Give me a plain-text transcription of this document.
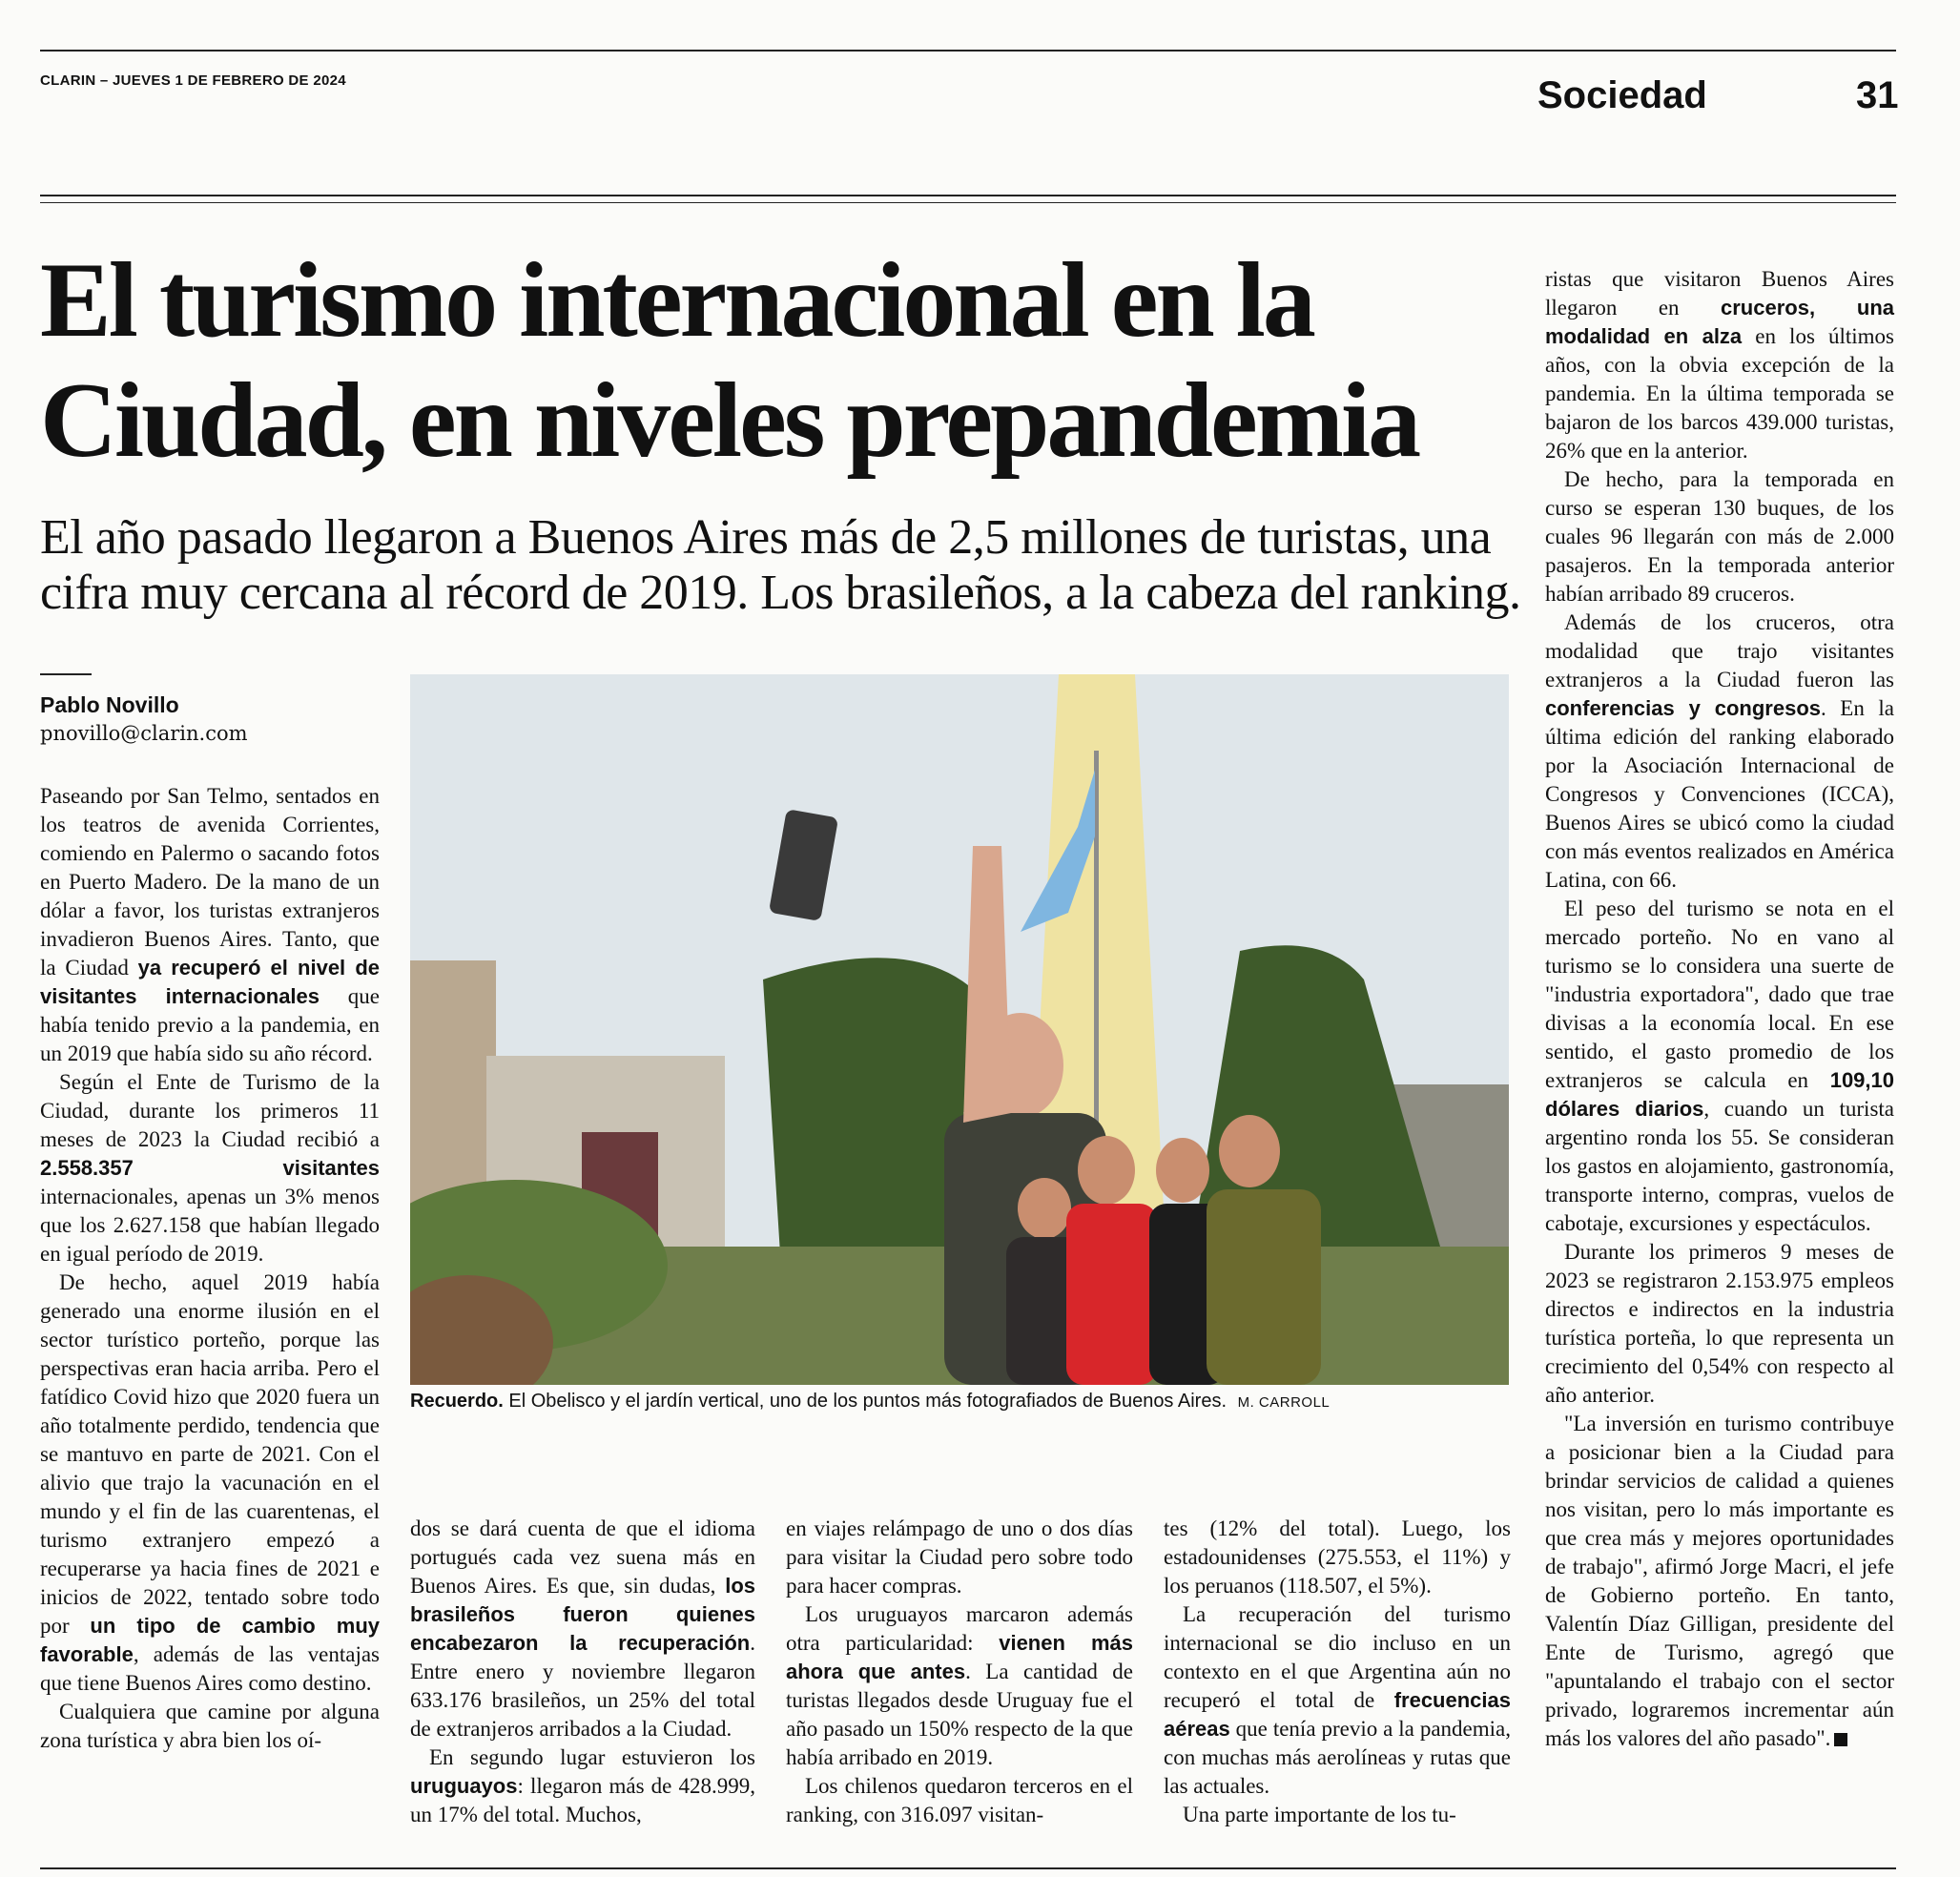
CLARIN – JUEVES 1 DE FEBRERO DE 2024	Sociedad	31
El turismo internacional en la
Ciudad, en niveles prepandemia
El año pasado llegaron a Buenos Aires más de 2,5 millones de turistas, una
cifra muy cercana al récord de 2019. Los brasileños, a la cabeza del ranking.
Pablo Novillo
pnovillo@clarin.com

Paseando por San Telmo, sentados en los teatros de avenida Corrientes, comiendo en Palermo o sacando fotos en Puerto Madero. De la mano de un dólar a favor, los turistas extranjeros invadieron Buenos Aires. Tanto, que la Ciudad ya recuperó el nivel de visitantes internacionales que había tenido previo a la pandemia, en un 2019 que había sido su año récord.

Según el Ente de Turismo de la Ciudad, durante los primeros 11 meses de 2023 la Ciudad recibió a 2.558.357 visitantes internacionales, apenas un 3% menos que los 2.627.158 que habían llegado en igual período de 2019.

De hecho, aquel 2019 había generado una enorme ilusión en el sector turístico porteño, porque las perspectivas eran hacia arriba. Pero el fatídico Covid hizo que 2020 fuera un año totalmente perdido, tendencia que se mantuvo en parte de 2021. Con el alivio que trajo la vacunación en el mundo y el fin de las cuarentenas, el turismo extranjero empezó a recuperarse ya hacia fines de 2021 e inicios de 2022, tentado sobre todo por un tipo de cambio muy favorable, además de las ventajas que tiene Buenos Aires como destino.

Cualquiera que camine por alguna zona turística y abra bien los oí-

Recuerdo. El Obelisco y el jardín vertical, uno de los puntos más fotografiados de Buenos Aires. M. CARROLL

dos se dará cuenta de que el idioma portugués cada vez suena más en Buenos Aires. Es que, sin dudas, los brasileños fueron quienes encabezaron la recuperación. Entre enero y noviembre llegaron 633.176 brasileños, un 25% del total de extranjeros arribados a la Ciudad.

En segundo lugar estuvieron los uruguayos: llegaron más de 428.999, un 17% del total. Muchos,

en viajes relámpago de uno o dos días para visitar la Ciudad pero sobre todo para hacer compras.

Los uruguayos marcaron además otra particularidad: vienen más ahora que antes. La cantidad de turistas llegados desde Uruguay fue el año pasado un 150% respecto de la que había arribado en 2019.

Los chilenos quedaron terceros en el ranking, con 316.097 visitan-

tes (12% del total). Luego, los estadounidenses (275.553, el 11%) y los peruanos (118.507, el 5%).

La recuperación del turismo internacional se dio incluso en un contexto en el que Argentina aún no recuperó el total de frecuencias aéreas que tenía previo a la pandemia, con muchas más aerolíneas y rutas que las actuales.

Una parte importante de los tu-

ristas que visitaron Buenos Aires llegaron en cruceros, una modalidad en alza en los últimos años, con la obvia excepción de la pandemia. En la última temporada se bajaron de los barcos 439.000 turistas, 26% que en la anterior.

De hecho, para la temporada en curso se esperan 130 buques, de los cuales 96 llegarán con más de 2.000 pasajeros. En la temporada anterior habían arribado 89 cruceros.

Además de los cruceros, otra modalidad que trajo visitantes extranjeros a la Ciudad fueron las conferencias y congresos. En la última edición del ranking elaborado por la Asociación Internacional de Congresos y Convenciones (ICCA), Buenos Aires se ubicó como la ciudad con más eventos realizados en América Latina, con 66.

El peso del turismo se nota en el mercado porteño. No en vano al turismo se lo considera una suerte de "industria exportadora", dado que trae divisas a la economía local. En ese sentido, el gasto promedio de los extranjeros se calcula en 109,10 dólares diarios, cuando un turista argentino ronda los 55. Se consideran los gastos en alojamiento, gastronomía, transporte interno, compras, vuelos de cabotaje, excursiones y espectáculos.

Durante los primeros 9 meses de 2023 se registraron 2.153.975 empleos directos e indirectos en la industria turística porteña, lo que representa un crecimiento del 0,54% con respecto al año anterior.

"La inversión en turismo contribuye a posicionar bien a la Ciudad para brindar servicios de calidad a quienes nos visitan, pero lo más importante es que crea más y mejores oportunidades de trabajo", afirmó Jorge Macri, el jefe de Gobierno porteño. En tanto, Valentín Díaz Gilligan, presidente del Ente de Turismo, agregó que "apuntalando el trabajo con el sector privado, lograremos incrementar aún más los valores del año pasado".
